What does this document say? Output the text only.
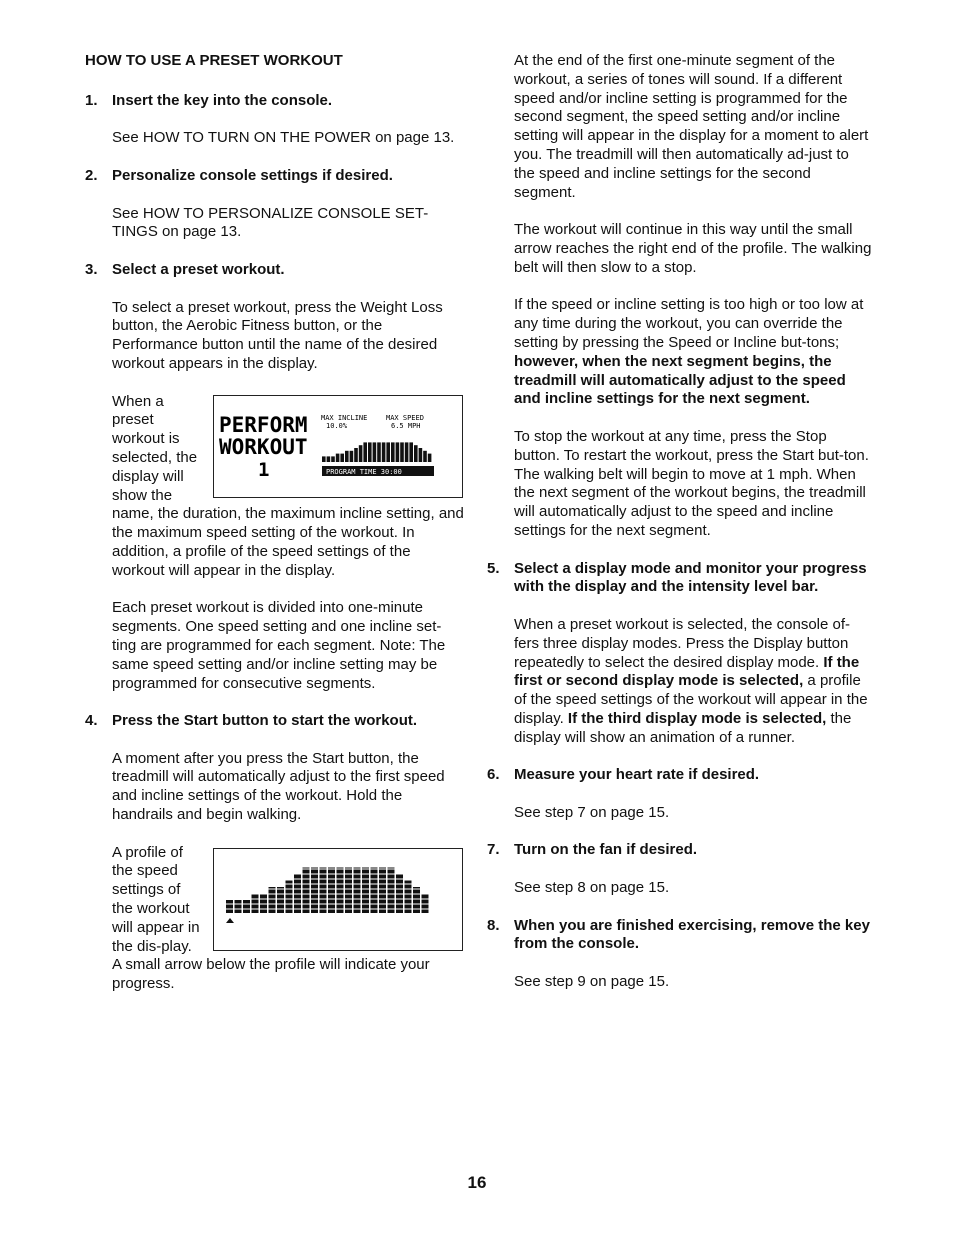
HOW TO USE A PRESET WORKOUT
1. Insert the key into the console.

See HOW TO TURN ON THE POWER on page 13.

2. Personalize console settings if desired.

See HOW TO PERSONALIZE CONSOLE SET-TINGS on page 13.

3. Select a preset workout.

To select a preset workout, press the Weight Loss button, the Aerobic Fitness button, or the Performance button until the name of the desired workout appears in the display.

PERFORM
WORKOUT
1
MAX INCLINE
10.0%
MAX SPEED
6.5 MPH
PROGRAM TIME 30:00

When a preset workout is selected, the display will show the name, the duration, the maximum incline setting, and the maximum speed setting of the workout. In addition, a profile of the speed settings of the workout will appear in the display.

Each preset workout is divided into one-minute segments. One speed setting and one incline set-ting are programmed for each segment. Note: The same speed setting and/or incline setting may be programmed for consecutive segments.

4. Press the Start button to start the workout.

A moment after you press the Start button, the treadmill will automatically adjust to the first speed and incline settings of the workout. Hold the handrails and begin walking.

A profile of the speed settings of the workout will appear in the dis-play. A small arrow below the profile will indicate your progress.

At the end of the first one-minute segment of the workout, a series of tones will sound. If a different speed and/or incline setting is programmed for the second segment, the speed setting and/or incline setting will appear in the display for a moment to alert you. The treadmill will then automatically ad-just to the speed and incline settings for the second segment.

The workout will continue in this way until the small arrow reaches the right end of the profile. The walking belt will then slow to a stop.

If the speed or incline setting is too high or too low at any time during the workout, you can override the setting by pressing the Speed or Incline but-tons; however, when the next segment begins, the treadmill will automatically adjust to the speed and incline settings for the next segment.

To stop the workout at any time, press the Stop button. To restart the workout, press the Start but-ton. The walking belt will begin to move at 1 mph. When the next segment of the workout begins, the treadmill will automatically adjust to the speed and incline settings for the next segment.

5. Select a display mode and monitor your progress with the display and the intensity level bar.

When a preset workout is selected, the console of-fers three display modes. Press the Display button repeatedly to select the desired display mode. If the first or second display mode is selected, a profile of the speed settings of the workout will appear in the display. If the third display mode is selected, the display will show an animation of a runner.

6. Measure your heart rate if desired.

See step 7 on page 15.

7. Turn on the fan if desired.

See step 8 on page 15.

8. When you are finished exercising, remove the key from the console.

See step 9 on page 15.

16
